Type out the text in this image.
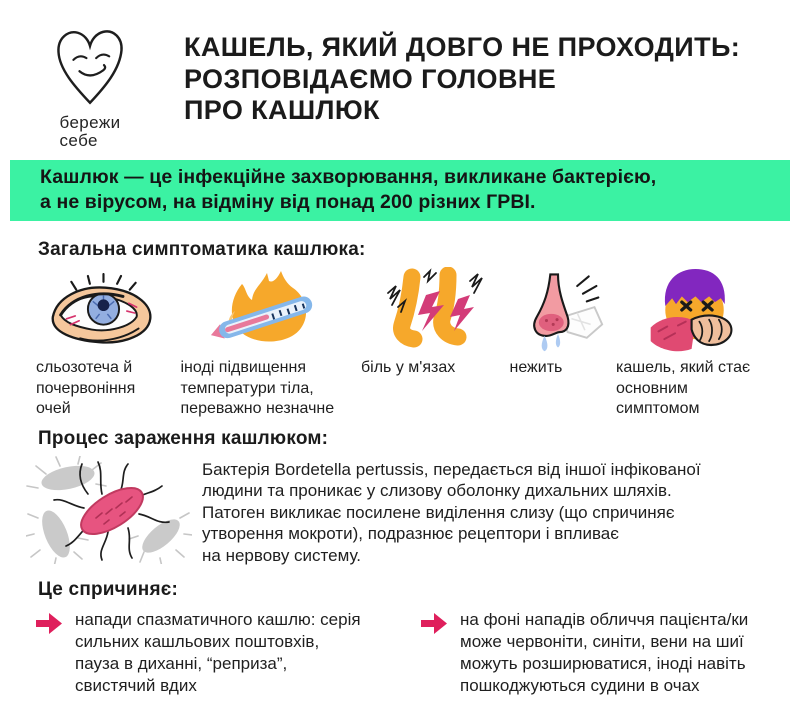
бережи
себе
КАШЕЛЬ, ЯКИЙ ДОВГО НЕ ПРОХОДИТЬ:
РОЗПОВІДАЄМО ГОЛОВНЕ
ПРО КАШЛЮК
Кашлюк — це інфекційне захворювання, викликане бактерією,
а не вірусом, на відміну від понад 200 різних ГРВІ.
Загальна симптоматика кашлюка:
сльозотеча й почервоніння очей
іноді підвищення температури тіла, переважно незначне
біль у м'язах	нежить	кашель, який стає основним симптомом
Процес зараження кашлюком:
Бактерія Bordetella pertussis, передається від іншої інфікованої
людини та проникає у слизову оболонку дихальних шляхів.
Патоген викликає посилене виділення слизу (що спричиняє
утворення мокроти), подразнює рецептори і впливає
на нервову систему.
Це спричиняє:
напади спазматичного кашлю: серія сильних кашльових поштовхів, пауза в диханні, “реприза”, свистячий вдих
на фоні нападів обличчя пацієнта/ки може червоніти, синіти, вени на шиї можуть розширюватися, іноді навіть пошкоджуються судини в очах
